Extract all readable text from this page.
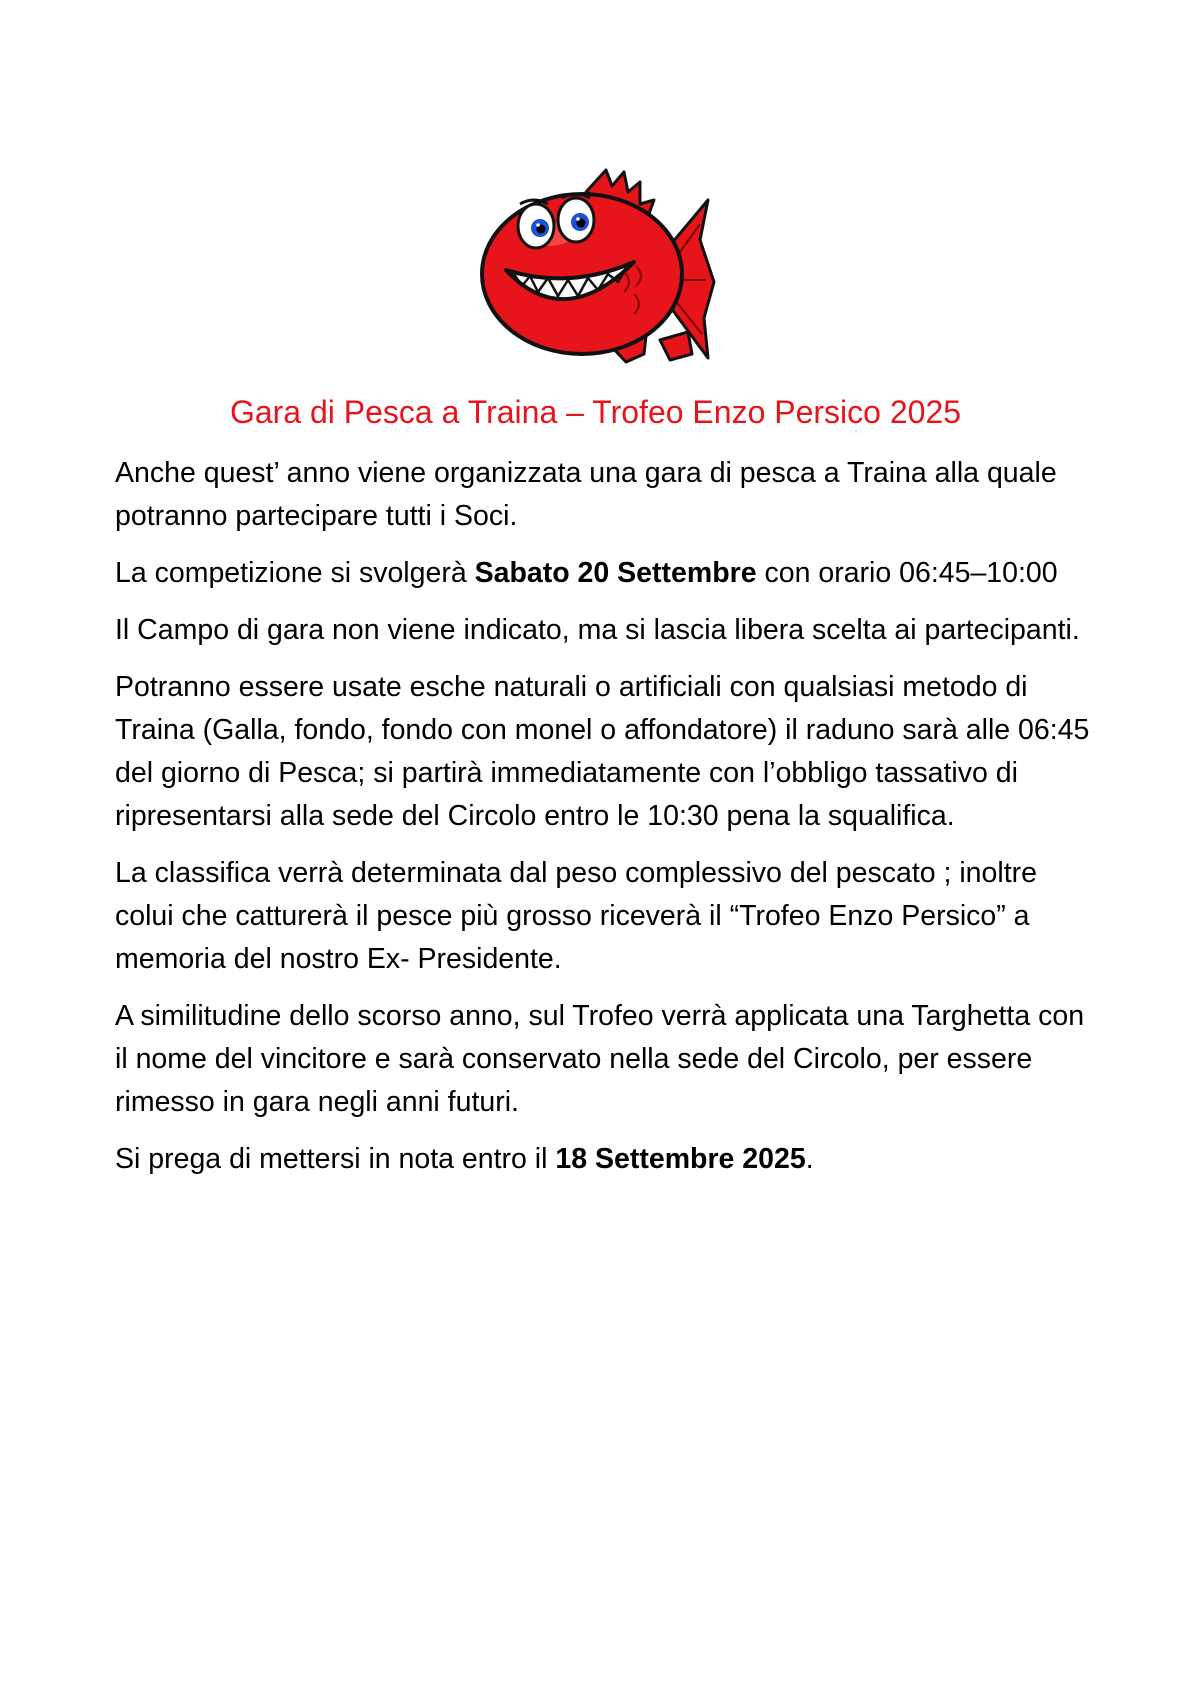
Gara di Pesca a Traina – Trofeo Enzo Persico 2025

Anche quest’ anno viene organizzata una gara di pesca a Traina alla quale potranno partecipare tutti i Soci.

La competizione si svolgerà Sabato 20 Settembre con orario 06:45–10:00

Il Campo di gara non viene indicato, ma si lascia libera scelta ai partecipanti.

Potranno essere usate esche naturali o artificiali con qualsiasi metodo di Traina (Galla, fondo, fondo con monel o affondatore) il raduno sarà alle 06:45 del giorno di Pesca; si partirà immediatamente con l’obbligo tassativo di ripresentarsi alla sede del Circolo entro le 10:30 pena la squalifica.

La classifica verrà determinata dal peso complessivo del pescato ; inoltre colui che catturerà il pesce più grosso riceverà il “Trofeo Enzo Persico” a memoria del nostro Ex- Presidente.

A similitudine dello scorso anno, sul Trofeo verrà applicata una Targhetta con il nome del vincitore e sarà conservato nella sede del Circolo, per essere rimesso in gara negli anni futuri.

Si prega di mettersi in nota entro il 18 Settembre 2025.
